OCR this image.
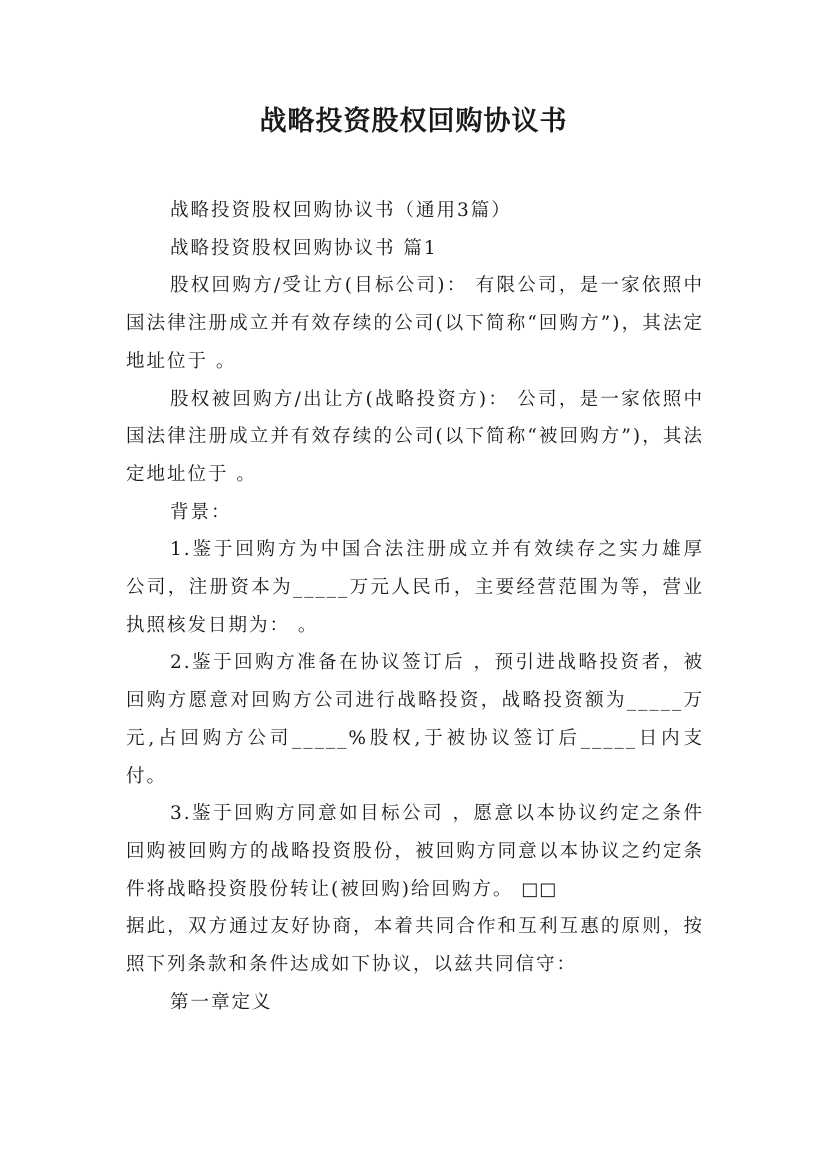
战略投资股权回购协议书

战略投资股权回购协议书（通用3篇）

战略投资股权回购协议书 篇1

股权回购方/受让方(目标公司)： 有限公司，是一家依照中国法律注册成立并有效存续的公司(以下简称“回购方”)，其法定地址位于 。

股权被回购方/出让方(战略投资方)： 公司，是一家依照中国法律注册成立并有效存续的公司(以下简称“被回购方”)，其法定地址位于 。

背景：

1.鉴于回购方为中国合法注册成立并有效续存之实力雄厚公司，注册资本为_____万元人民币，主要经营范围为等，营业执照核发日期为： 。

2.鉴于回购方准备在协议签订后 ，预引进战略投资者，被回购方愿意对回购方公司进行战略投资，战略投资额为_____万元,占回购方公司_____%股权,于被协议签订后_____日内支付。

3.鉴于回购方同意如目标公司 ，愿意以本协议约定之条件回购被回购方的战略投资股份，被回购方同意以本协议之约定条件将战略投资股份转让(被回购)给回购方。 □□

据此，双方通过友好协商，本着共同合作和互利互惠的原则，按照下列条款和条件达成如下协议，以兹共同信守：

第一章定义
